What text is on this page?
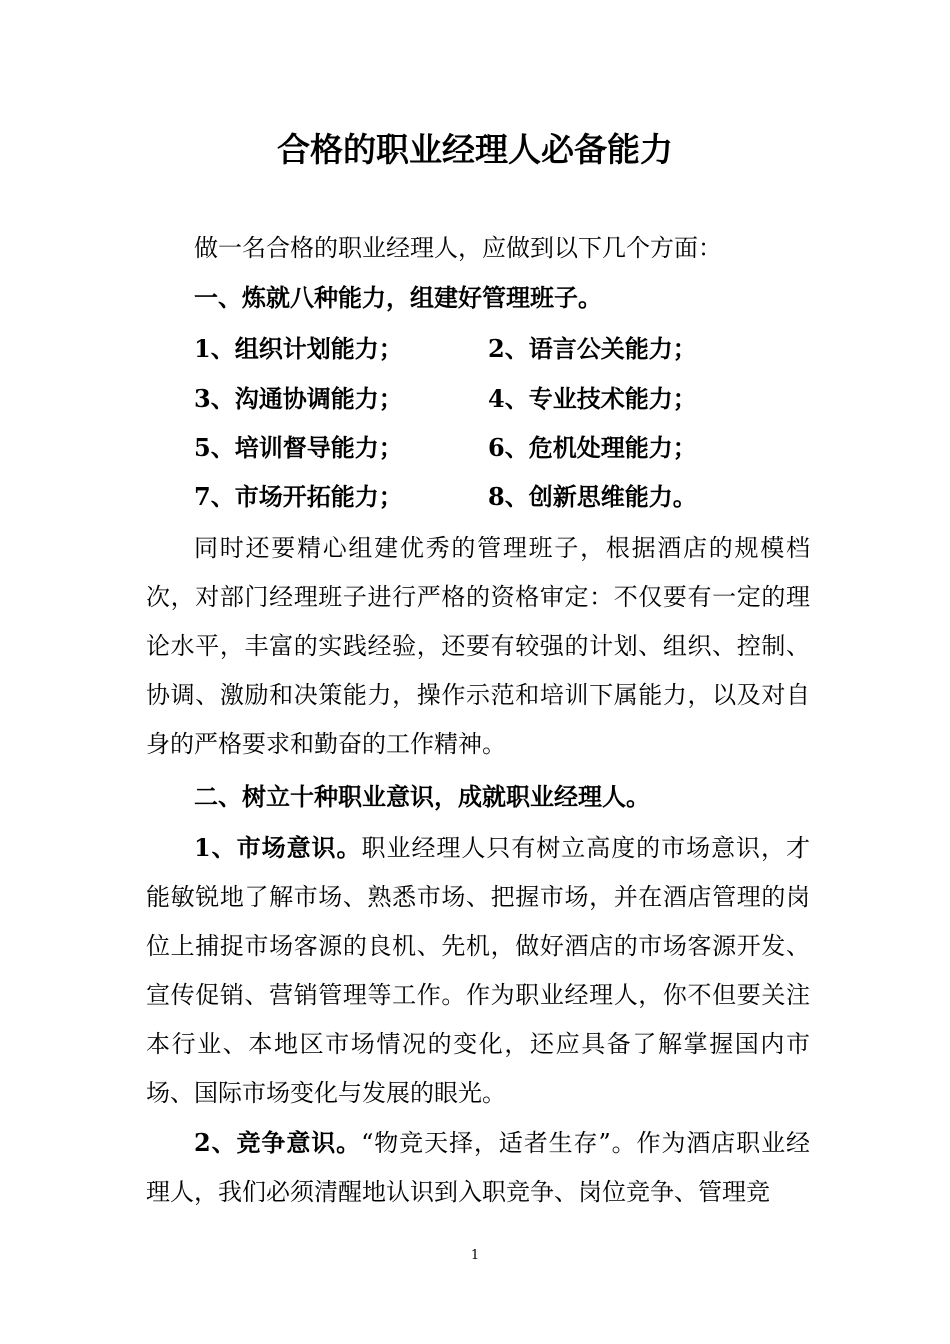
合格的职业经理人必备能力
做一名合格的职业经理人，应做到以下几个方面：
一、炼就八种能力，组建好管理班子。
1、组织计划能力；	2、语言公关能力；
3、沟通协调能力；	4、专业技术能力；
5、培训督导能力；	6、危机处理能力；
7、市场开拓能力；	8、创新思维能力。
同时还要精心组建优秀的管理班子，根据酒店的规模档次，对部门经理班子进行严格的资格审定：不仅要有一定的理论水平，丰富的实践经验，还要有较强的计划、组织、控制、协调、激励和决策能力，操作示范和培训下属能力，以及对自身的严格要求和勤奋的工作精神。
二、树立十种职业意识，成就职业经理人。
1、市场意识。职业经理人只有树立高度的市场意识，才能敏锐地了解市场、熟悉市场、把握市场，并在酒店管理的岗位上捕捉市场客源的良机、先机，做好酒店的市场客源开发、宣传促销、营销管理等工作。作为职业经理人，你不但要关注本行业、本地区市场情况的变化，还应具备了解掌握国内市场、国际市场变化与发展的眼光。
2、竞争意识。“物竞天择，适者生存”。作为酒店职业经理人，我们必须清醒地认识到入职竞争、岗位竞争、管理竞
1
